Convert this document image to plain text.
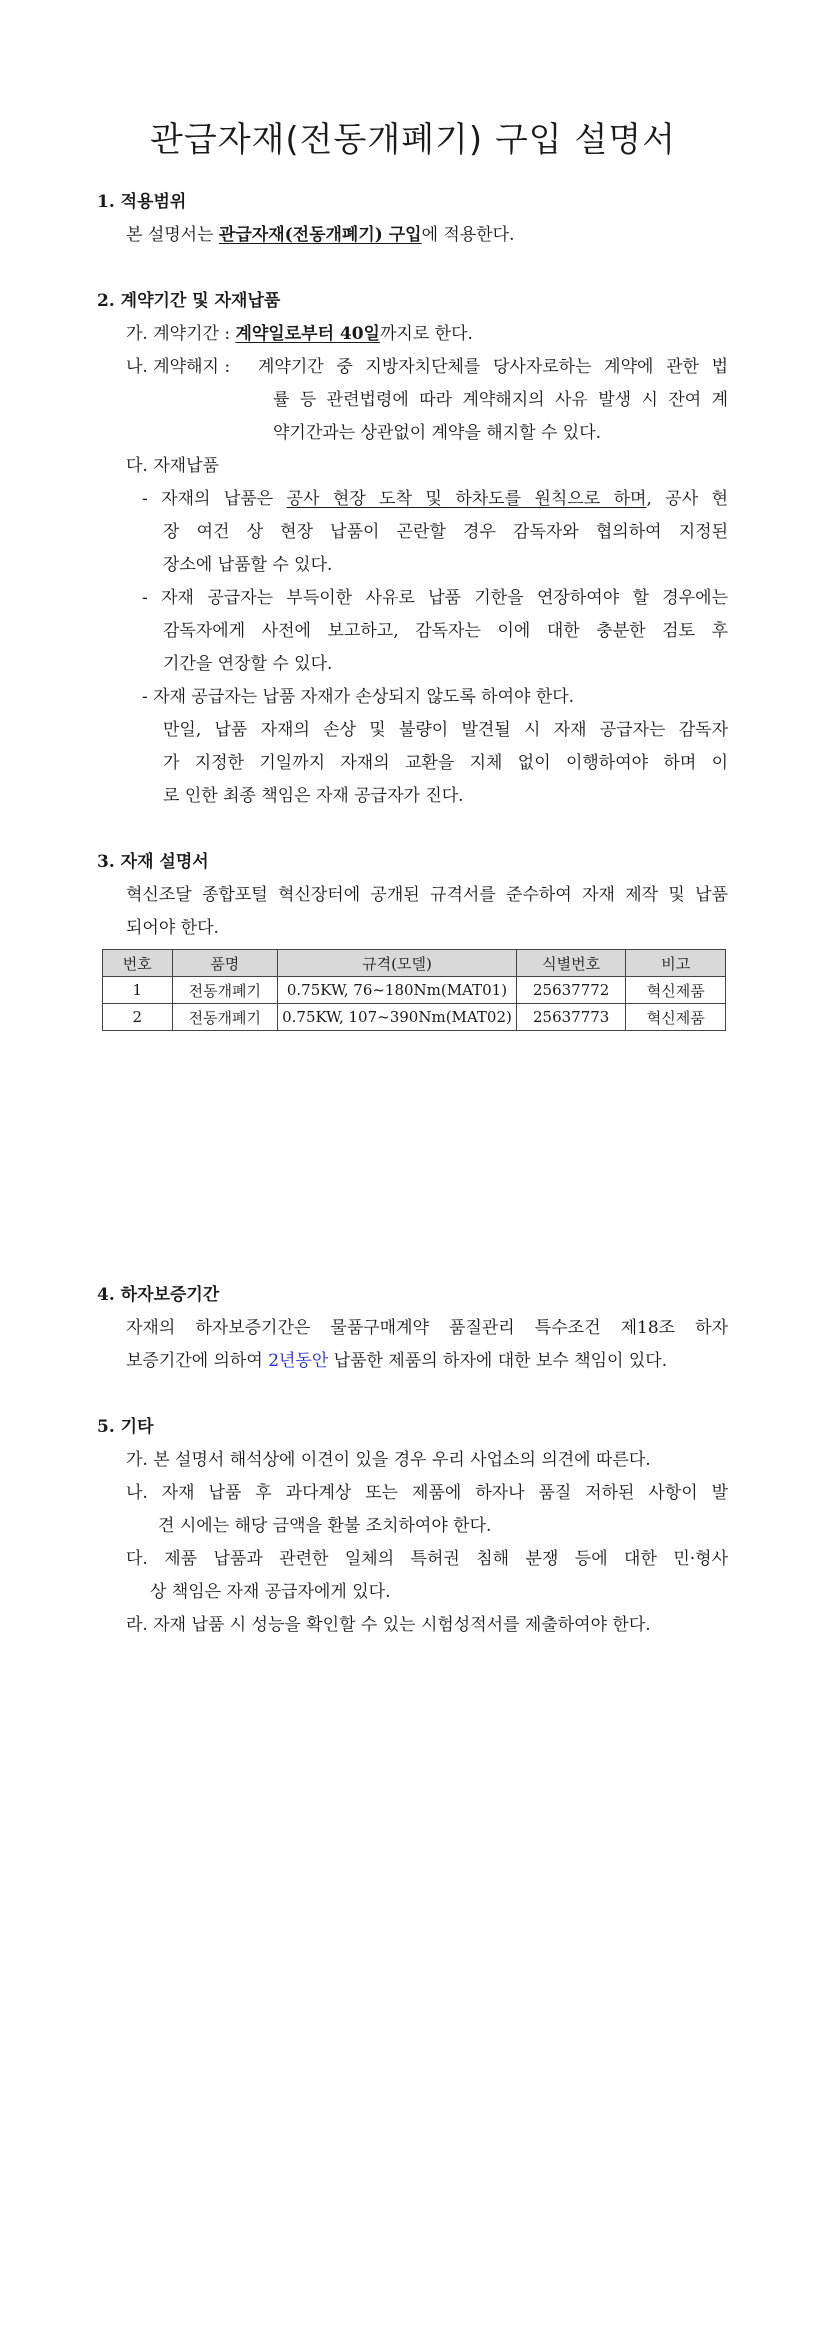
관급자재(전동개폐기) 구입 설명서
1. 적용범위
본 설명서는 관급자재(전동개폐기) 구입에 적용한다.
2. 계약기간 및 자재납품
가. 계약기간 : 계약일로부터 40일까지로 한다.
나. 계약해지 : 계약기간 중 지방자치단체를 당사자로하는 계약에 관한 법
률 등 관련법령에 따라 계약해지의 사유 발생 시 잔여 계
약기간과는 상관없이 계약을 해지할 수 있다.
다. 자재납품
- 자재의 납품은 공사 현장 도착 및 하차도를 원칙으로 하며, 공사 현
장 여건 상 현장 납품이 곤란할 경우 감독자와 협의하여 지정된
장소에 납품할 수 있다.
- 자재 공급자는 부득이한 사유로 납품 기한을 연장하여야 할 경우에는
감독자에게 사전에 보고하고, 감독자는 이에 대한 충분한 검토 후
기간을 연장할 수 있다.
- 자재 공급자는 납품 자재가 손상되지 않도록 하여야 한다.
만일, 납품 자재의 손상 및 불량이 발견될 시 자재 공급자는 감독자
가 지정한 기일까지 자재의 교환을 지체 없이 이행하여야 하며 이
로 인한 최종 책임은 자재 공급자가 진다.
3. 자재 설명서
혁신조달 종합포털 혁신장터에 공개된 규격서를 준수하여 자재 제작 및 납품
되어야 한다.
번호	품명	규격(모델)	식별번호	비고
1	전동개폐기	0.75KW, 76~180Nm(MAT01)	25637772	혁신제품
2	전동개폐기	0.75KW, 107~390Nm(MAT02)	25637773	혁신제품
4. 하자보증기간
자재의 하자보증기간은 물품구매계약 품질관리 특수조건 제18조 하자
보증기간에 의하여 2년동안 납품한 제품의 하자에 대한 보수 책임이 있다.
5. 기타
가. 본 설명서 해석상에 이견이 있을 경우 우리 사업소의 의견에 따른다.
나. 자재 납품 후 과다계상 또는 제품에 하자나 품질 저하된 사항이 발
견 시에는 해당 금액을 환불 조치하여야 한다.
다. 제품 납품과 관련한 일체의 특허권 침해 분쟁 등에 대한 민·형사
상 책임은 자재 공급자에게 있다.
라. 자재 납품 시 성능을 확인할 수 있는 시험성적서를 제출하여야 한다.
